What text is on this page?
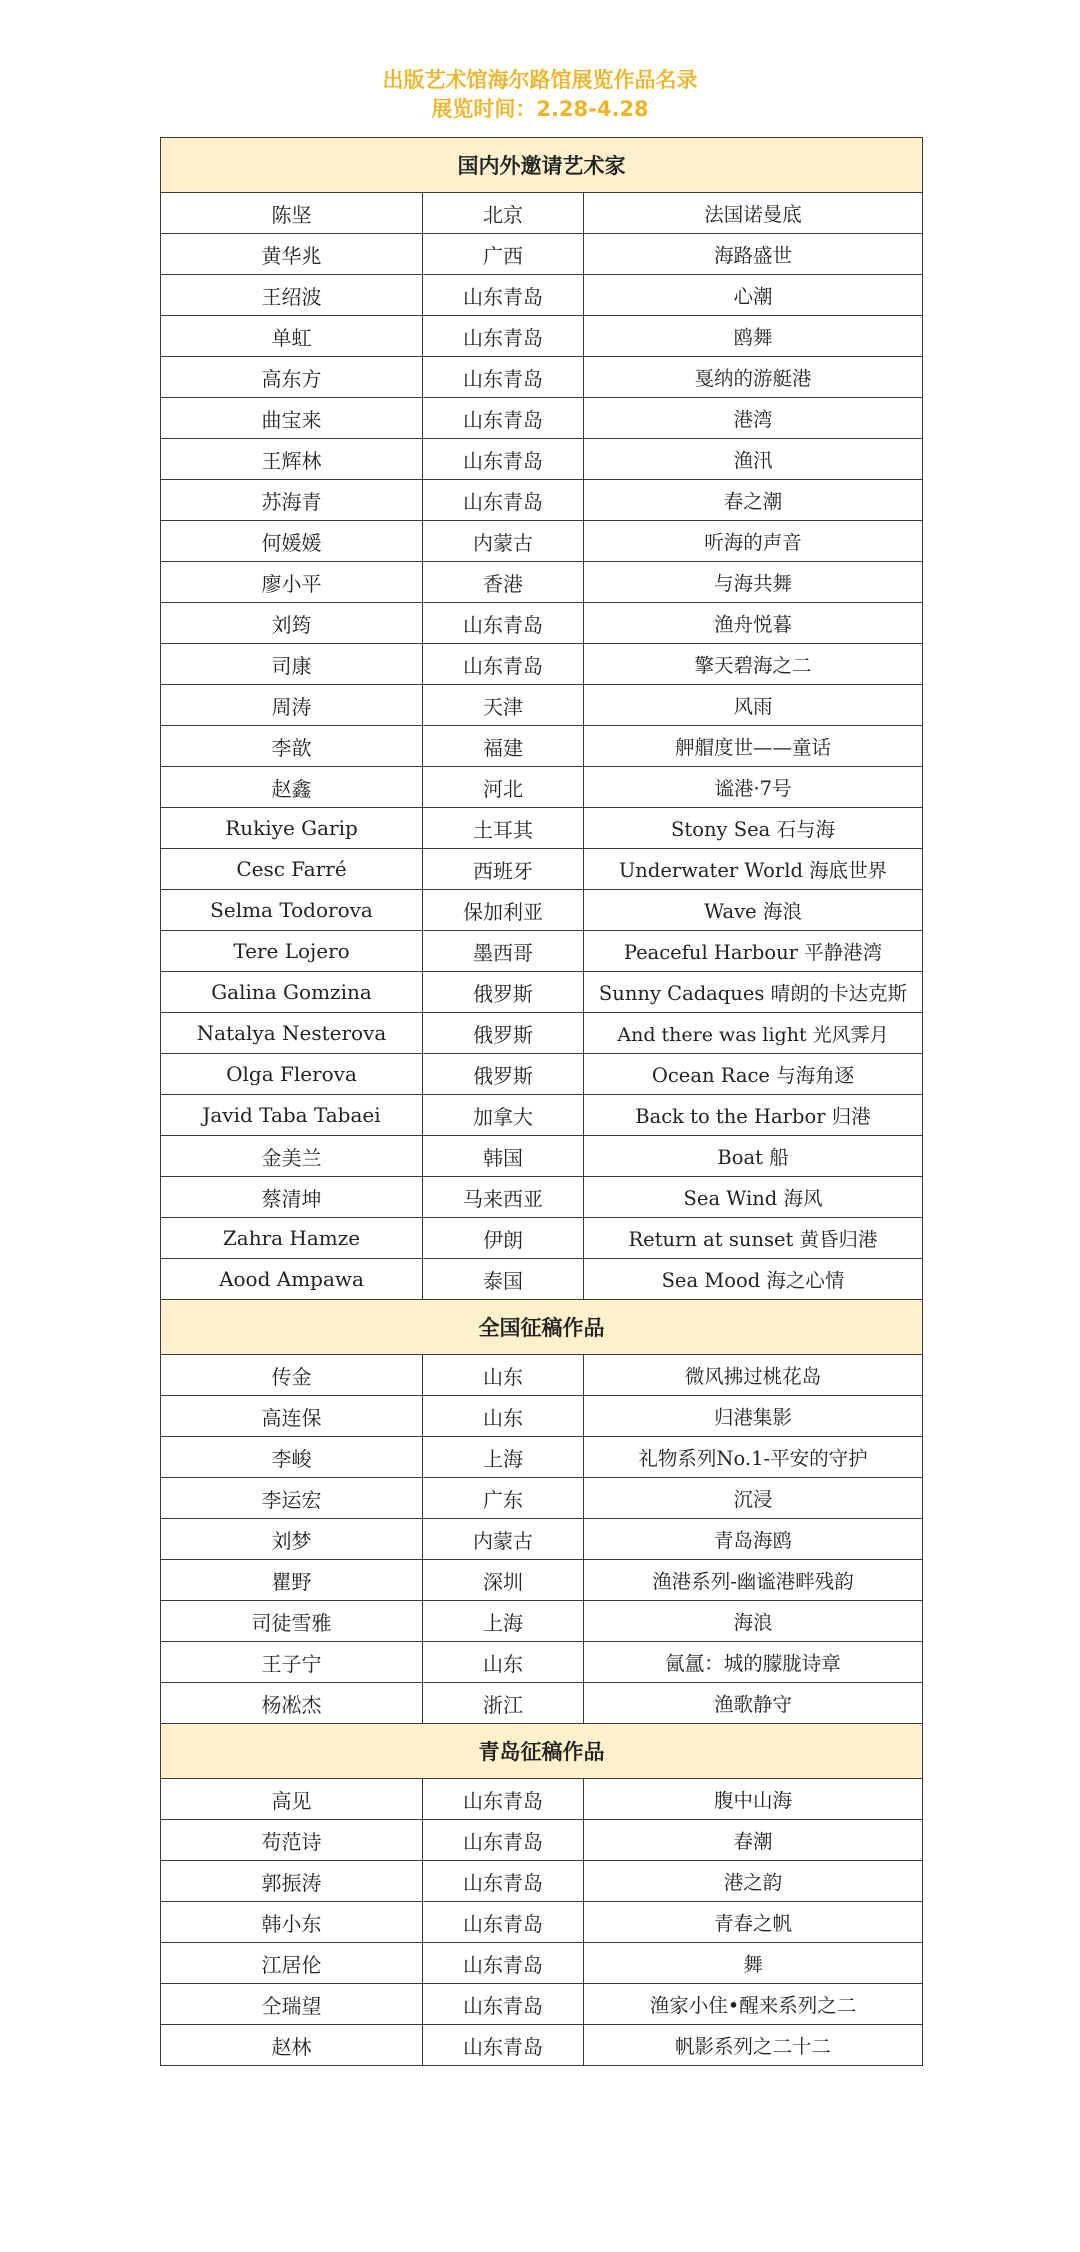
出版艺术馆海尔路馆展览作品名录
展览时间：2.28-4.28
国内外邀请艺术家		
陈坚	北京	法国诺曼底
黄华兆	广西	海路盛世
王绍波	山东青岛	心潮
单虹	山东青岛	鸥舞
高东方	山东青岛	戛纳的游艇港
曲宝来	山东青岛	港湾
王辉林	山东青岛	渔汛
苏海青	山东青岛	春之潮
何媛媛	内蒙古	听海的声音
廖小平	香港	与海共舞
刘筠	山东青岛	渔舟悦暮
司康	山东青岛	擎天碧海之二
周涛	天津	风雨
李歆	福建	舺艒度世——童话
赵鑫	河北	谧港·7号
Rukiye Garip	土耳其	Stony Sea 石与海
Cesc Farré	西班牙	Underwater World 海底世界
Selma Todorova	保加利亚	Wave 海浪
Tere Lojero	墨西哥	Peaceful Harbour 平静港湾
Galina Gomzina	俄罗斯	Sunny Cadaques 晴朗的卡达克斯
Natalya Nesterova	俄罗斯	And there was light 光风霁月
Olga Flerova	俄罗斯	Ocean Race 与海角逐
Javid Taba Tabaei	加拿大	Back to the Harbor 归港
金美兰	韩国	Boat 船
蔡清坤	马来西亚	Sea Wind 海风
Zahra Hamze	伊朗	Return at sunset 黄昏归港
Aood Ampawa	泰国	Sea Mood 海之心情
全国征稿作品		
传金	山东	微风拂过桃花岛
高连保	山东	归港集影
李峻	上海	礼物系列No.1-平安的守护
李运宏	广东	沉浸
刘梦	内蒙古	青岛海鸥
瞿野	深圳	渔港系列-幽谧港畔残韵
司徒雪雅	上海	海浪
王子宁	山东	氤氲：城的朦胧诗章
杨凇杰	浙江	渔歌静守
青岛征稿作品		
高见	山东青岛	腹中山海
苟范诗	山东青岛	春潮
郭振涛	山东青岛	港之韵
韩小东	山东青岛	青春之帆
江居伦	山东青岛	舞
仝瑞望	山东青岛	渔家小住•醒来系列之二
赵林	山东青岛	帆影系列之二十二
